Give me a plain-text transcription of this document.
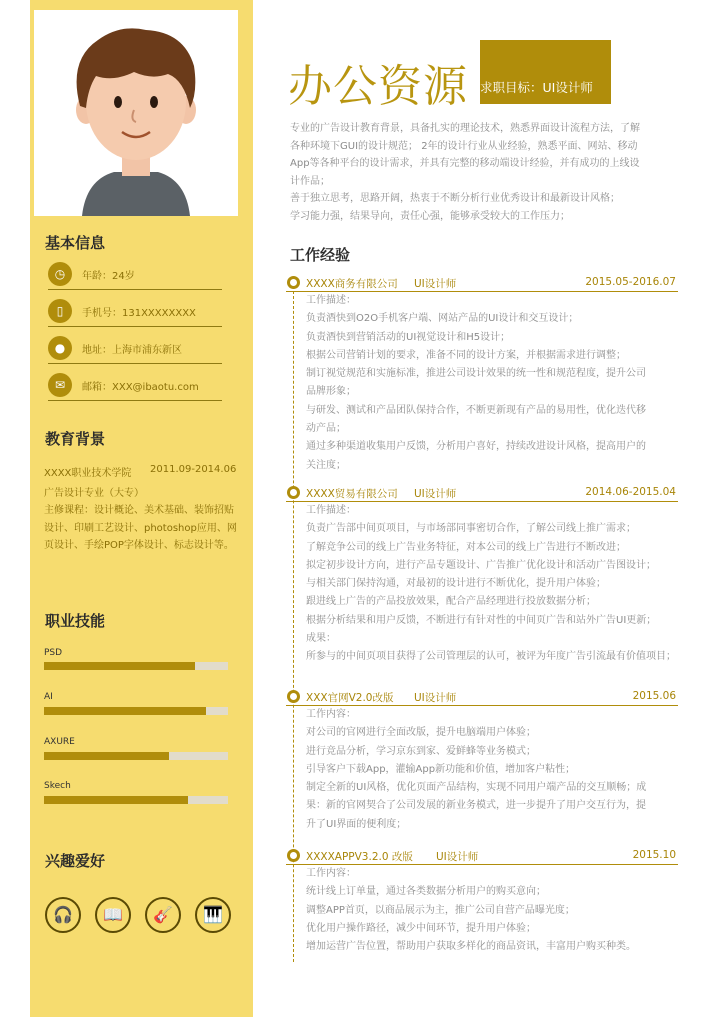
基本信息
◷	年龄：24岁
▯	手机号：131XXXXXXXX
●	地址：上海市浦东新区
✉	邮箱：XXX@ibaotu.com
教育背景
XXXX职业技术学院 2011.09-2014.06
广告设计专业（大专）
主修课程：设计概论、美术基础、装饰招贴设计、印刷工艺设计、photoshop应用、网页设计、手绘POP字体设计、标志设计等。
职业技能
PSD
AI
AXURE
Skech
兴趣爱好
🎧	📖	🎸	🎹
办公资源 求职目标：UI设计师
专业的广告设计教育背景，具备扎实的理论技术，熟悉界面设计流程方法，了解
各种环境下GUI的设计规范； 2年的设计行业从业经验，熟悉平面、网站、移动
App等各种平台的设计需求，并具有完整的移动端设计经验，并有成功的上线设
计作品；
善于独立思考，思路开阔，热衷于不断分析行业优秀设计和最新设计风格；
学习能力强，结果导向，责任心强，能够承受较大的工作压力；
工作经验
XXXX商务有限公司 UI设计师	2015.05-2016.07
工作描述：
负责酒快到O2O手机客户端、网站产品的UI设计和交互设计；
负责酒快到营销活动的UI视觉设计和H5设计；
根据公司营销计划的要求，准备不同的设计方案，并根据需求进行调整；
制订视觉规范和实施标准，推进公司设计效果的统一性和规范程度，提升公司
品牌形象；
与研发、测试和产品团队保持合作，不断更新现有产品的易用性，优化迭代移
动产品；
通过多种渠道收集用户反馈，分析用户喜好，持续改进设计风格，提高用户的
关注度；
XXXX贸易有限公司 UI设计师	2014.06-2015.04
工作描述：
负责广告部中间页项目，与市场部同事密切合作，了解公司线上推广需求；
了解竞争公司的线上广告业务特征，对本公司的线上广告进行不断改进；
拟定初步设计方向，进行产品专题设计、广告推广优化设计和活动广告图设计；
与相关部门保持沟通，对最初的设计进行不断优化，提升用户体验；
跟进线上广告的产品投放效果，配合产品经理进行投放数据分析；
根据分析结果和用户反馈，不断进行有针对性的中间页广告和站外广告UI更新；
成果：
所参与的中间页项目获得了公司管理层的认可，被评为年度广告引流最有价值项目；
XXX官网V2.0改版 UI设计师	2015.06
工作内容：
对公司的官网进行全面改版，提升电脑端用户体验；
进行竞品分析，学习京东到家、爱鲜蜂等业务模式；
引导客户下载App，灌输App新功能和价值，增加客户粘性；
制定全新的UI风格，优化页面产品结构，实现不同用户端产品的交互顺畅；成
果：新的官网契合了公司发展的新业务模式，进一步提升了用户交互行为，提
升了UI界面的便利度；
XXXXAPPV3.2.0 改版 UI设计师	2015.10
工作内容：
统计线上订单量，通过各类数据分析用户的购买意向；
调整APP首页，以商品展示为主，推广公司自营产品曝光度；
优化用户操作路径，减少中间环节，提升用户体验；
增加运营广告位置，帮助用户获取多样化的商品资讯，丰富用户购买种类。
